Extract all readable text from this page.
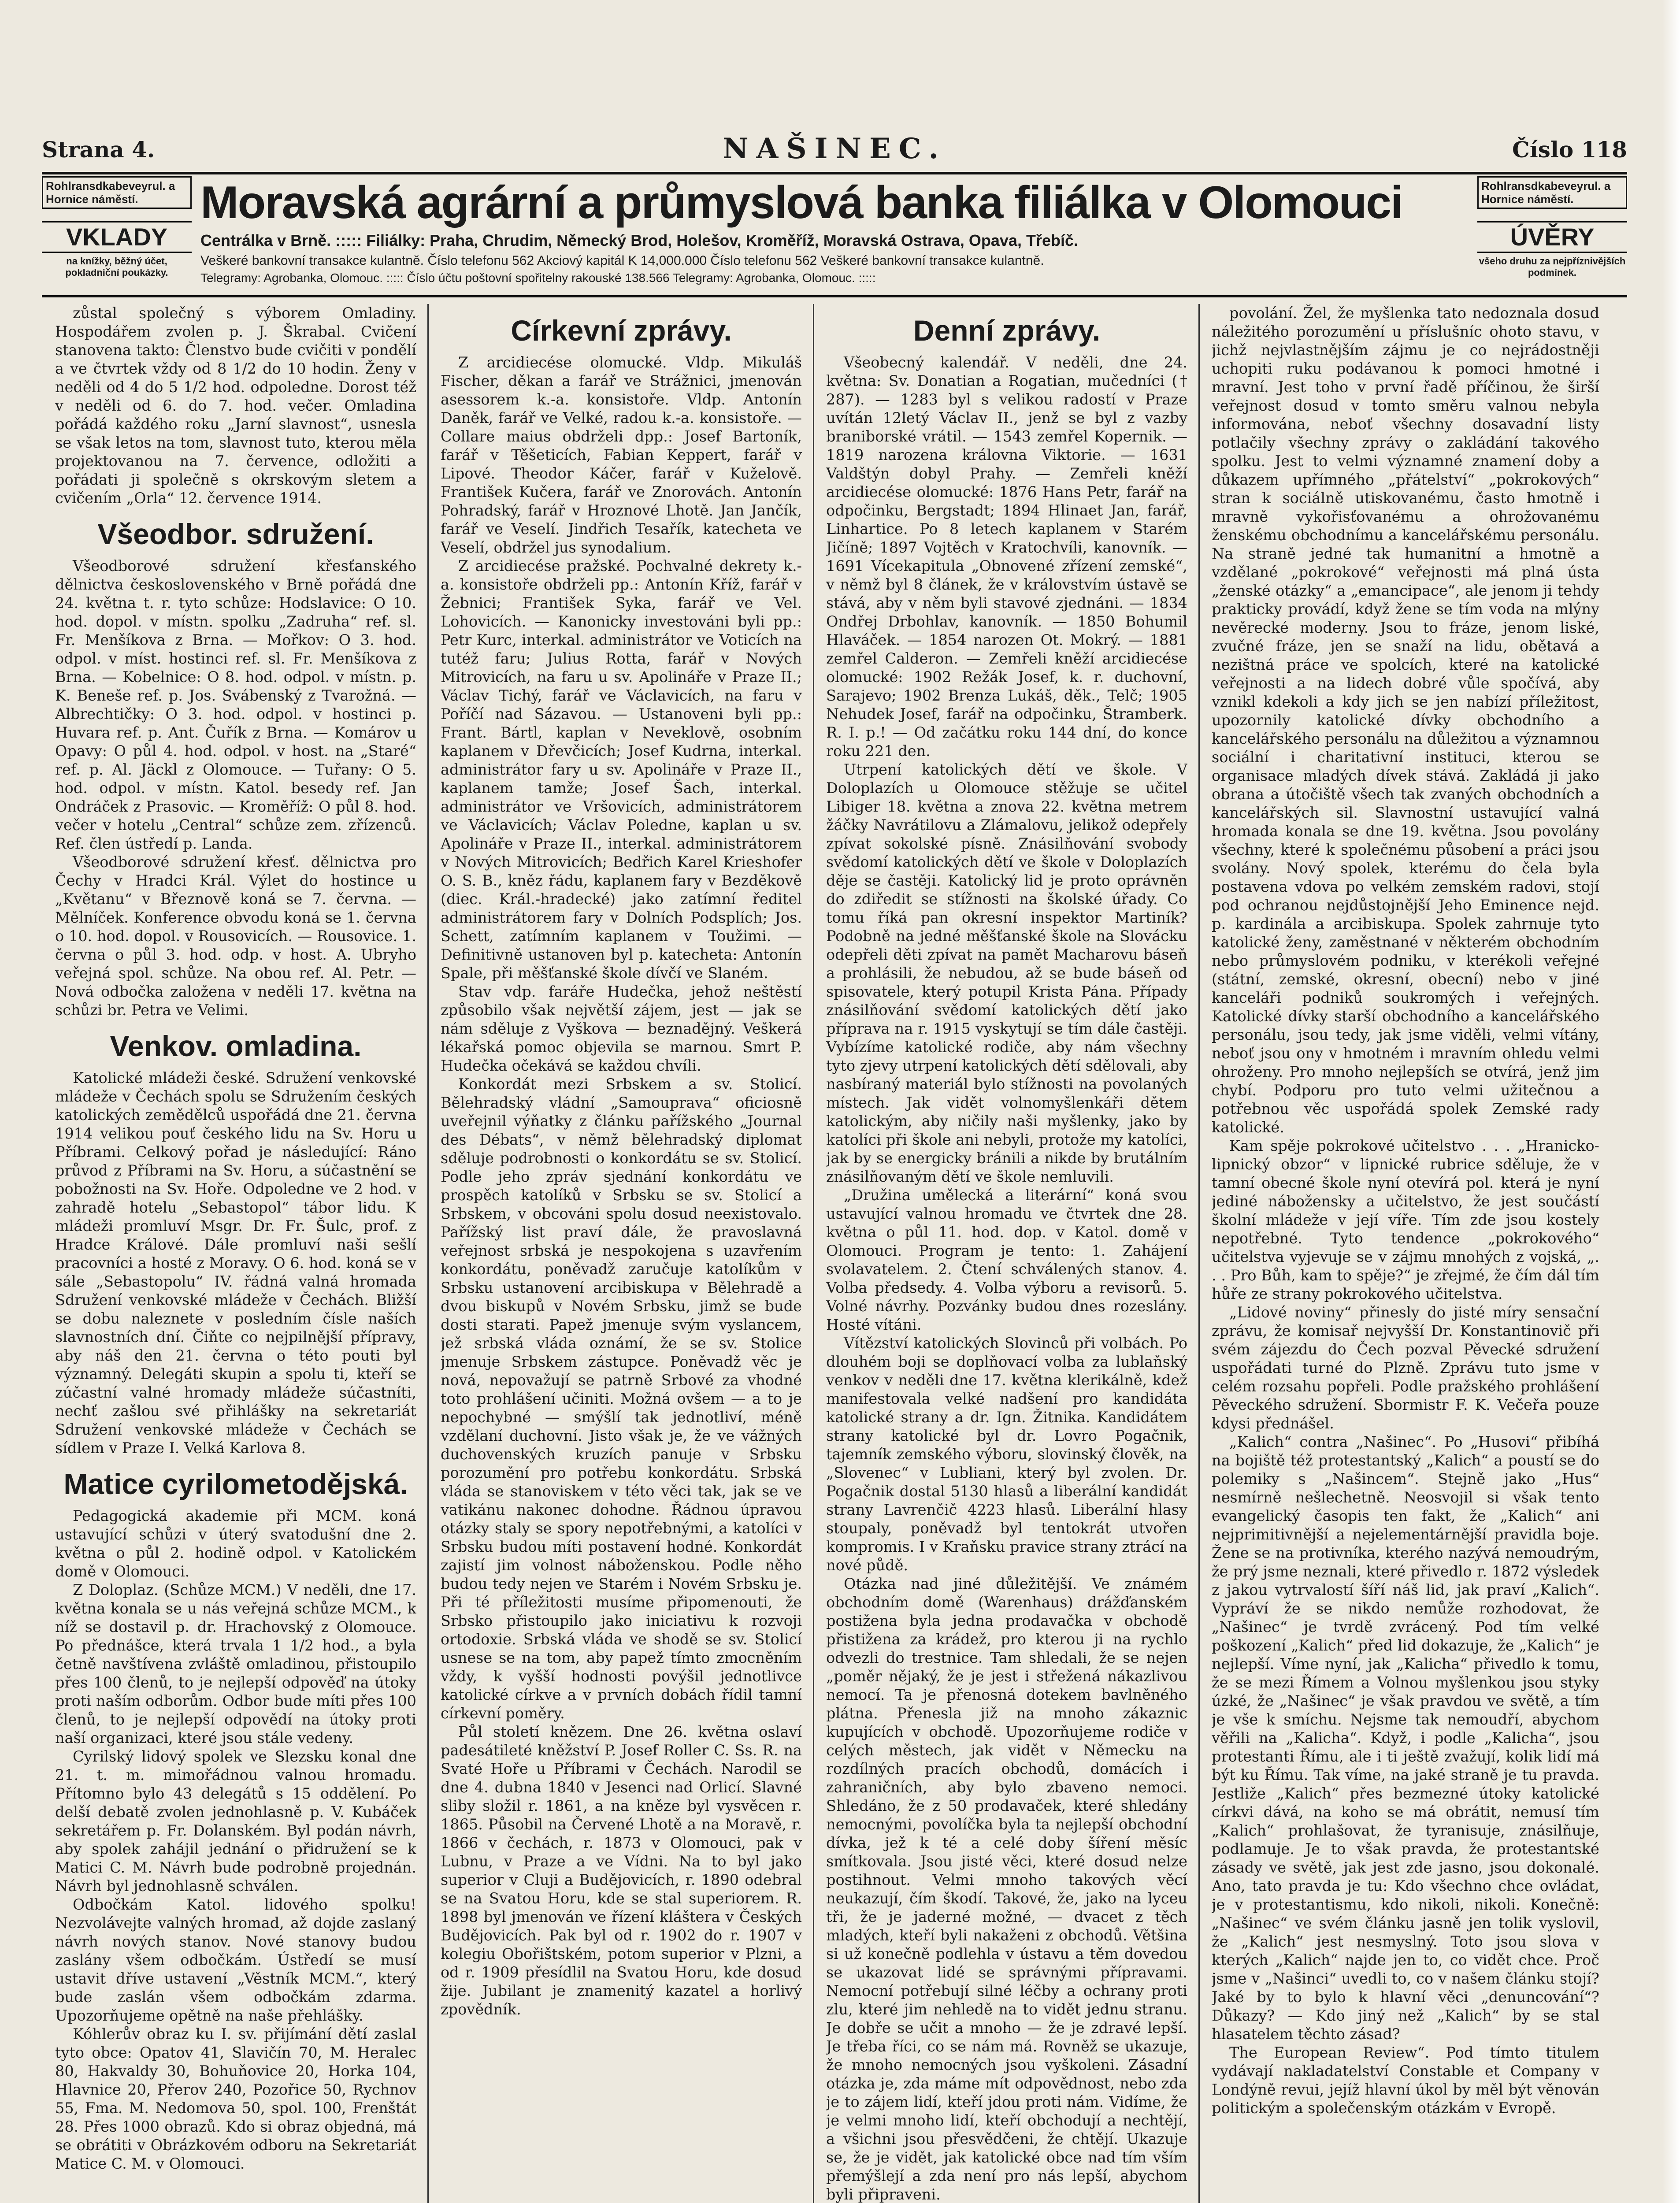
Strana 4.	NAŠINEC.	Číslo 118
Rohlransdkabeveyrul. a Hornice náměstí.
VKLADY
na knížky, běžný účet, pokladniční poukázky.
Moravská agrární a průmyslová banka filiálka v Olomouci
Centrálka v Brně. ::::: Filiálky: Praha, Chrudim, Německý Brod, Holešov, Kroměříž, Moravská Ostrava, Opava, Třebíč.
Veškeré bankovní transakce kulantně. Číslo telefonu 562 Akciový kapitál K 14,000.000 Číslo telefonu 562 Veškeré bankovní transakce kulantně.
Telegramy: Agrobanka, Olomouc. ::::: Číslo účtu poštovní spořitelny rakouské 138.566 Telegramy: Agrobanka, Olomouc. :::::
Rohlransdkabeveyrul. a Hornice náměstí.
ÚVĚRY
všeho druhu za nejpříznivějších podmínek.

zůstal společný s výborem Omladiny. Hospodářem zvolen p. J. Škrabal. Cvičení stanovena takto: Členstvo bude cvičiti v pondělí a ve čtvrtek vždy od 8 1/2 do 10 hodin. Ženy v neděli od 4 do 5 1/2 hod. odpoledne. Dorost též v neděli od 6. do 7. hod. večer. Omladina pořádá každého roku „Jarní slavnost“, usnesla se však letos na tom, slavnost tuto, kterou měla projektovanou na 7. července, odložiti a pořádati ji společně s okrskovým sletem a cvičením „Orla“ 12. července 1914.

Všeodbor. sdružení.

Všeodborové sdružení křesťanského dělnictva československého v Brně pořádá dne 24. května t. r. tyto schůze: Hodslavice: O 10. hod. dopol. v místn. spolku „Zadruha“ ref. sl. Fr. Menšíkova z Brna. — Mořkov: O 3. hod. odpol. v míst. hostinci ref. sl. Fr. Menšíkova z Brna. — Kobelnice: O 8. hod. odpol. v místn. p. K. Beneše ref. p. Jos. Svábenský z Tvarožná. — Albrechtičky: O 3. hod. odpol. v hostinci p. Huvara ref. p. Ant. Čuřík z Brna. — Komárov u Opavy: O půl 4. hod. odpol. v host. na „Staré“ ref. p. Al. Jäckl z Olomouce. — Tuřany: O 5. hod. odpol. v místn. Katol. besedy ref. Jan Ondráček z Prasovic. — Kroměříž: O půl 8. hod. večer v hotelu „Central“ schůze zem. zřízenců. Ref. člen ústředí p. Landa.

Všeodborové sdružení křesť. dělnictva pro Čechy v Hradci Král. Výlet do hostince u „Květanu“ v Březnově koná se 7. června. — Mělníček. Konference obvodu koná se 1. června o 10. hod. dopol. v Rousovicích. — Rousovice. 1. června o půl 3. hod. odp. v host. A. Ubryho veřejná spol. schůze. Na obou ref. Al. Petr. — Nová odbočka založena v neděli 17. května na schůzi br. Petra ve Velimi.

Venkov. omladina.

Katolické mládeži české. Sdružení venkovské mládeže v Čechách spolu se Sdružením českých katolických zemědělců uspořádá dne 21. června 1914 velikou pouť českého lidu na Sv. Horu u Příbrami. Celkový pořad je následující: Ráno průvod z Příbrami na Sv. Horu, a súčastnění se pobožnosti na Sv. Hoře. Odpoledne ve 2 hod. v zahradě hotelu „Sebastopol“ tábor lidu. K mládeži promluví Msgr. Dr. Fr. Šulc, prof. z Hradce Králové. Dále promluví naši sešlí pracovníci a hosté z Moravy. O 6. hod. koná se v sále „Sebastopolu“ IV. řádná valná hromada Sdružení venkovské mládeže v Čechách. Bližší se dobu naleznete v posledním čísle naších slavnostních dní. Čiňte co nejpilnější přípravy, aby náš den 21. června o této pouti byl významný. Delegáti skupin a spolu ti, kteří se zúčastní valné hromady mládeže súčastníti, nechť zašlou své přihlášky na sekretariát Sdružení venkovské mládeže v Čechách se sídlem v Praze I. Velká Karlova 8.

Matice cyrilometodějská.

Pedagogická akademie při MCM. koná ustavující schůzi v úterý svatodušní dne 2. května o půl 2. hodině odpol. v Katolickém domě v Olomouci.

Z Doloplaz. (Schůze MCM.) V neděli, dne 17. května konala se u nás veřejná schůze MCM., k níž se dostavil p. dr. Hrachovský z Olomouce. Po přednášce, která trvala 1 1/2 hod., a byla četně navštívena zvláště omladinou, přistoupilo přes 100 členů, to je nejlepší odpověď na útoky proti naším odborům. Odbor bude míti přes 100 členů, to je nejlepší odpovědí na útoky proti naší organizaci, které jsou stále vedeny.

Cyrilský lidový spolek ve Slezsku konal dne 21. t. m. mimořádnou valnou hromadu. Přítomno bylo 43 delegátů s 15 oddělení. Po delší debatě zvolen jednohlasně p. V. Kubáček sekretářem p. Fr. Dolanském. Byl podán návrh, aby spolek zahájil jednání o přidružení se k Matici C. M. Návrh bude podrobně projednán. Návrh byl jednohlasně schválen.

Odbočkám Katol. lidového spolku! Nezvolávejte valných hromad, až dojde zaslaný návrh nových stanov. Nové stanovy budou zaslány všem odbočkám. Ústředí se musí ustavit dříve ustavení „Věstník MCM.“, který bude zaslán všem odbočkám zdarma. Upozorňujeme opětně na naše přehlášky.

Kóhlerův obraz ku I. sv. přijímání dětí zaslal tyto obce: Opatov 41, Slavičín 70, M. Heralec 80, Hakvaldy 30, Bohuňovice 20, Horka 104, Hlavnice 20, Přerov 240, Pozořice 50, Rychnov 55, Fma. M. Nedomova 50, spol. 100, Frenštát 28. Přes 1000 obrazů. Kdo si obraz objedná, má se obrátiti v Obrázkovém odboru na Sekretariát Matice C. M. v Olomouci.

Církevní zprávy.

Z arcidiecése olomucké. Vldp. Mikuláš Fischer, děkan a farář ve Strážnici, jmenován asessorem k.-a. konsistoře. Vldp. Antonín Daněk, farář ve Velké, radou k.-a. konsistoře. — Collare maius obdrželi dpp.: Josef Bartoník, farář v Těšeticích, Fabian Keppert, farář v Lipové. Theodor Káčer, farář v Kuželově. František Kučera, farář ve Znorovách. Antonín Pohradský, farář v Hroznové Lhotě. Jan Jančík, farář ve Veselí. Jindřich Tesařík, katecheta ve Veselí, obdržel jus synodalium.

Z arcidiecése pražské. Pochvalné dekrety k.-a. konsistoře obdrželi pp.: Antonín Kříž, farář v Žebnici; František Syka, farář ve Vel. Lohovicích. — Kanonicky investováni byli pp.: Petr Kurc, interkal. administrátor ve Voticích na tutéž faru; Julius Rotta, farář v Nových Mitrovicích, na faru u sv. Apolináře v Praze II.; Václav Tichý, farář ve Václavicích, na faru v Poříčí nad Sázavou. — Ustanoveni byli pp.: Frant. Bártl, kaplan v Neveklově, osobním kaplanem v Dřevčicích; Josef Kudrna, interkal. administrátor fary u sv. Apolináře v Praze II., kaplanem tamže; Josef Šach, interkal. administrátor ve Vršovicích, administrátorem ve Václavicích; Václav Poledne, kaplan u sv. Apolináře v Praze II., interkal. administrátorem v Nových Mitrovicích; Bedřich Karel Krieshofer O. S. B., kněz řádu, kaplanem fary v Bezděkově (diec. Král.-hradecké) jako zatímní ředitel administrátorem fary v Dolních Podsplích; Jos. Schett, zatímním kaplanem v Toužimi. — Definitivně ustanoven byl p. katecheta: Antonín Spale, při měšťanské škole dívčí ve Slaném.

Stav vdp. faráře Hudečka, jehož neštěstí způsobilo však největší zájem, jest — jak se nám sděluje z Vyškova — beznadějný. Veškerá lékařská pomoc objevila se marnou. Smrt P. Hudečka očekává se každou chvíli.

Konkordát mezi Srbskem a sv. Stolicí. Bělehradský vládní „Samouprava“ oficiosně uveřejnil výňatky z článku pařížského „Journal des Débats“, v němž bělehradský diplomat sděluje podrobnosti o konkordátu se sv. Stolicí. Podle jeho zpráv sjednání konkordátu ve prospěch katolíků v Srbsku se sv. Stolicí a Srbskem, v obcováni spolu dosud neexistovalo. Pařížský list praví dále, že pravoslavná veřejnost srbská je nespokojena s uzavřením konkordátu, poněvadž zaručuje katolíkům v Srbsku ustanovení arcibiskupa v Bělehradě a dvou biskupů v Novém Srbsku, jimž se bude dosti starati. Papež jmenuje svým vyslancem, jež srbská vláda oznámí, že se sv. Stolice jmenuje Srbskem zástupce. Poněvadž věc je nová, nepovažují se patrně Srbové za vhodné toto prohlášení učiniti. Možná ovšem — a to je nepochybné — smýšlí tak jednotliví, méně vzdělaní duchovní. Jisto však je, že ve vážných duchovenských kruzích panuje v Srbsku porozumění pro potřebu konkordátu. Srbská vláda se stanoviskem v této věci tak, jak se ve vatikánu nakonec dohodne. Řádnou úpravou otázky staly se spory nepotřebnými, a katolíci v Srbsku budou míti postavení hodné. Konkordát zajistí jim volnost náboženskou. Podle něho budou tedy nejen ve Starém i Novém Srbsku je. Při té příležitosti musíme připomenouti, že Srbsko přistoupilo jako iniciativu k rozvoji ortodoxie. Srbská vláda ve shodě se sv. Stolicí usnese se na tom, aby papež tímto zmocněním vždy, k vyšší hodnosti povýšil jednotlivce katolické církve a v prvních dobách řídil tamní církevní poměry.

Půl století knězem. Dne 26. května oslaví padesátileté kněžství P. Josef Roller C. Ss. R. na Svaté Hoře u Příbrami v Čechách. Narodil se dne 4. dubna 1840 v Jesenci nad Orlicí. Slavné sliby složil r. 1861, a na kněze byl vysvěcen r. 1865. Působil na Červené Lhotě a na Moravě, r. 1866 v čechách, r. 1873 v Olomouci, pak v Lubnu, v Praze a ve Vídni. Na to byl jako superior v Cluji a Budějovicích, r. 1890 odebral se na Svatou Horu, kde se stal superiorem. R. 1898 byl jmenován ve řízení kláštera v Českých Budějovicích. Pak byl od r. 1902 do r. 1907 v kolegiu Obořištském, potom superior v Plzni, a od r. 1909 přesídlil na Svatou Horu, kde dosud žije. Jubilant je znamenitý kazatel a horlivý zpovědník.

Denní zprávy.

Všeobecný kalendář. V neděli, dne 24. května: Sv. Donatian a Rogatian, mučedníci († 287). — 1283 byl s velikou radostí v Praze uvítán 12letý Václav II., jenž se byl z vazby braniborské vrátil. — 1543 zemřel Kopernik. — 1819 narozena královna Viktorie. — 1631 Valdštýn dobyl Prahy. — Zemřeli kněží arcidiecése olomucké: 1876 Hans Petr, farář na odpočinku, Bergstadt; 1894 Hlinaet Jan, farář, Linhartice. Po 8 letech kaplanem v Starém Jičíně; 1897 Vojtěch v Kratochvíli, kanovník. — 1691 Vícekapitula „Obnovené zřízení zemské“, v němž byl 8 článek, že v královstvím ústavě se stává, aby v něm byli stavové zjednáni. — 1834 Ondřej Drbohlav, kanovník. — 1850 Bohumil Hlaváček. — 1854 narozen Ot. Mokrý. — 1881 zemřel Calderon. — Zemřeli kněží arcidiecése olomucké: 1902 Režák Josef, k. r. duchovní, Sarajevo; 1902 Brenza Lukáš, děk., Telč; 1905 Nehudek Josef, farář na odpočinku, Štramberk. R. I. p.! — Od začátku roku 144 dní, do konce roku 221 den.

Utrpení katolických dětí ve škole. V Doloplazích u Olomouce stěžuje se učitel Libiger 18. května a znova 22. května metrem žáčky Navrátilovu a Zlámalovu, jelikož odepřely zpívat sokolské písně. Znásilňování svobody svědomí katolických dětí ve škole v Doloplazích děje se častěji. Katolický lid je proto oprávněn do zdiředit se stížnosti na školské úřady. Co tomu říká pan okresní inspektor Martiník? Podobně na jedné měšťanské škole na Slovácku odepřeli děti zpívat na pamět Macharovu báseň a prohlásili, že nebudou, až se bude báseň od spisovatele, který potupil Krista Pána. Případy znásilňování svědomí katolických dětí jako příprava na r. 1915 vyskytují se tím dále častěji. Vybízíme katolické rodiče, aby nám všechny tyto zjevy utrpení katolických dětí sdělovali, aby nasbíraný materiál bylo stížnosti na povolaných místech. Jak vidět volnomyšlenkáři dětem katolickým, aby ničily naši myšlenky, jako by katolíci při škole ani nebyli, protože my katolíci, jak by se energicky bránili a nikde by brutálním znásilňovaným dětí ve škole nemluvili.

„Družina umělecká a literární“ koná svou ustavující valnou hromadu ve čtvrtek dne 28. května o půl 11. hod. dop. v Katol. domě v Olomouci. Program je tento: 1. Zahájení svolavatelem. 2. Čtení schválených stanov. 4. Volba předsedy. 4. Volba výboru a revisorů. 5. Volné návrhy. Pozvánky budou dnes rozeslány. Hosté vítáni.

Vítězství katolických Slovinců při volbách. Po dlouhém boji se doplňovací volba za lublaňský venkov v neděli dne 17. května klerikálně, kdež manifestovala velké nadšení pro kandidáta katolické strany a dr. Ign. Žitnika. Kandidátem strany katolické byl dr. Lovro Pogačnik, tajemník zemského výboru, slovinský člověk, na „Slovenec“ v Lubliani, který byl zvolen. Dr. Pogačnik dostal 5130 hlasů a liberální kandidát strany Lavrenčič 4223 hlasů. Liberální hlasy stoupaly, poněvadž byl tentokrát utvořen kompromis. I v Kraňsku pravice strany ztrácí na nové půdě.

Otázka nad jiné důležitější. Ve známém obchodním domě (Warenhaus) drážďanském postižena byla jedna prodavačka v obchodě přistižena za krádež, pro kterou ji na rychlo odvezli do trestnice. Tam shledali, že se nejen „poměr nějaký, že je jest i střežená nákazlivou nemocí. Ta je přenosná dotekem bavlněného plátna. Přenesla již na mnoho zákaznic kupujících v obchodě. Upozorňujeme rodiče v celých městech, jak vidět v Německu na rozdílných pracích obchodů, domácích i zahraničních, aby bylo zbaveno nemoci. Shledáno, že z 50 prodavaček, které shledány nemocnými, povolíčka byla ta nejlepší obchodní dívka, jež k té a celé doby šíření měsíc smítkovala. Jsou jisté věci, které dosud nelze postihnout. Velmi mnoho takových věcí neukazují, čím škodí. Takové, že, jako na lyceu tři, že je jaderné možné, — dvacet z těch mladých, kteří byli nakaženi z obchodů. Většina si už konečně podlehla v ústavu a těm dovedou se ukazovat lidé se správnými přípravami. Nemocní potřebují silné léčby a ochrany proti zlu, které jim nehledě na to vidět jednu stranu. Je dobře se učit a mnoho — že je zdravé lepší. Je třeba říci, co se nám má. Rovněž se ukazuje, že mnoho nemocných jsou vyškoleni. Zásadní otázka je, zda máme mít odpovědnost, nebo zda je to zájem lidí, kteří jdou proti nám. Vidíme, že je velmi mnoho lidí, kteří obchodují a nechtějí, a všichni jsou přesvědčeni, že chtějí. Ukazuje se, že je vidět, jak katolické obce nad tím vším přemýšlejí a zda není pro nás lepší, abychom byli připraveni.

povolání. Žel, že myšlenka tato nedoznala dosud náležitého porozumění u příslušníc ohoto stavu, v jichž nejvlastnějším zájmu je co nejrádostněji uchopiti ruku podávanou k pomoci hmotné i mravní. Jest toho v první řadě příčinou, že širší veřejnost dosud v tomto směru valnou nebyla informována, neboť všechny dosavadní listy potlačily všechny zprávy o zakládání takového spolku. Jest to velmi významné znamení doby a důkazem upřímného „přátelství“ „pokrokových“ stran k sociálně utiskovanému, často hmotně i mravně vykořisťovanému a ohrožovanému ženskému obchodnímu a kancelářskému personálu. Na straně jedné tak humanitní a hmotně a vzdělané „pokrokové“ veřejnosti má plná ústa „ženské otázky“ a „emancipace“, ale jenom ji tehdy prakticky provádí, když žene se tím voda na mlýny nevěrecké moderny. Jsou to fráze, jenom liské, zvučné fráze, jen se snaží na lidu, obětavá a nezištná práce ve spolcích, které na katolické veřejnosti a na lidech dobré vůle spočívá, aby vznikl kdekoli a kdy jich se jen nabízí příležitost, upozornily katolické dívky obchodního a kancelářského personálu na důležitou a významnou sociální i charitativní instituci, kterou se organisace mladých dívek stává. Zakládá ji jako obrana a útočiště všech tak zvaných obchodních a kancelářských sil. Slavnostní ustavující valná hromada konala se dne 19. května. Jsou povolány všechny, které k společnému působení a práci jsou svolány. Nový spolek, kterému do čela byla postavena vdova po velkém zemském radovi, stojí pod ochranou nejdůstojnější Jeho Eminence nejd. p. kardinála a arcibiskupa. Spolek zahrnuje tyto katolické ženy, zaměstnané v některém obchodním nebo průmyslovém podniku, v kterékoli veřejné (státní, zemské, okresní, obecní) nebo v jiné kanceláři podniků soukromých i veřejných. Katolické dívky starší obchodního a kancelářského personálu, jsou tedy, jak jsme viděli, velmi vítány, neboť jsou ony v hmotném i mravním ohledu velmi ohroženy. Pro mnoho nejlepších se otvírá, jenž jim chybí. Podporu pro tuto velmi užitečnou a potřebnou věc uspořádá spolek Zemské rady katolické.

Kam spěje pokrokové učitelstvo . . . „Hranicko-lipnický obzor“ v lipnické rubrice sděluje, že v tamní obecné škole nyní otevírá pol. která je nyní jediné nábožensky a učitelstvo, že jest součástí školní mládeže v její víře. Tím zde jsou kostely nepotřebné. Tyto tendence „pokrokového“ učitelstva vyjevuje se v zájmu mnohých z vojská, „. . . Pro Bůh, kam to spěje?“ je zřejmé, že čím dál tím hůře ze strany pokrokového učitelstva.

„Lidové noviny“ přinesly do jisté míry sensační zprávu, že komisař nejvyšší Dr. Konstantinovič při svém zájezdu do Čech pozval Pěvecké sdružení uspořádati turné do Plzně. Zprávu tuto jsme v celém rozsahu popřeli. Podle pražského prohlášení Pěveckého sdružení. Sbormistr F. K. Večeřa pouze kdysi přednášel.

„Kalich“ contra „Našinec“. Po „Husovi“ přibíhá na bojiště též protestantský „Kalich“ a poustí se do polemiky s „Našincem“. Stejně jako „Hus“ nesmírně nešlechetně. Neosvojil si však tento evangelický časopis ten fakt, že „Kalich“ ani nejprimitivnější a nejelementárnější pravidla boje. Žene se na protivníka, kterého nazývá nemoudrým, že prý jsme neznali, které přivedlo r. 1872 výsledek z jakou vytrvalostí šíří náš lid, jak praví „Kalich“. Vypráví že se nikdo nemůže rozhodovat, že „Našinec“ je tvrdě zvrácený. Pod tím velké poškození „Kalich“ před lid dokazuje, že „Kalich“ je nejlepší. Víme nyní, jak „Kalicha“ přivedlo k tomu, že se mezi Římem a Volnou myšlenkou jsou styky úzké, že „Našinec“ je však pravdou ve světě, a tím je vše k smíchu. Nejsme tak nemoudří, abychom věřili na „Kalicha“. Když, i podle „Kalicha“, jsou protestanti Římu, ale i ti ještě zvažují, kolik lidí má být ku Římu. Tak víme, na jaké straně je tu pravda. Jestliže „Kalich“ přes bezmezné útoky katolické církvi dává, na koho se má obrátit, nemusí tím „Kalich“ prohlašovat, že tyranisuje, znásilňuje, podlamuje. Je to však pravda, že protestantské zásady ve světě, jak jest zde jasno, jsou dokonalé. Ano, tato pravda je tu: Kdo všechno chce ovládat, je v protestantismu, kdo nikoli, nikoli. Konečně: „Našinec“ ve svém článku jasně jen tolik vyslovil, že „Kalich“ jest nesmyslný. Toto jsou slova v kterých „Kalich“ najde jen to, co vidět chce. Proč jsme v „Našinci“ uvedli to, co v našem článku stojí? Jaké by to bylo k hlavní věci „denuncování“? Důkazy? — Kdo jiný než „Kalich“ by se stal hlasatelem těchto zásad?

The European Review“. Pod tímto titulem vydávají nakladatelství Constable et Company v Londýně revui, jejíž hlavní úkol by měl být věnován politickým a společenským otázkám v Evropě.
